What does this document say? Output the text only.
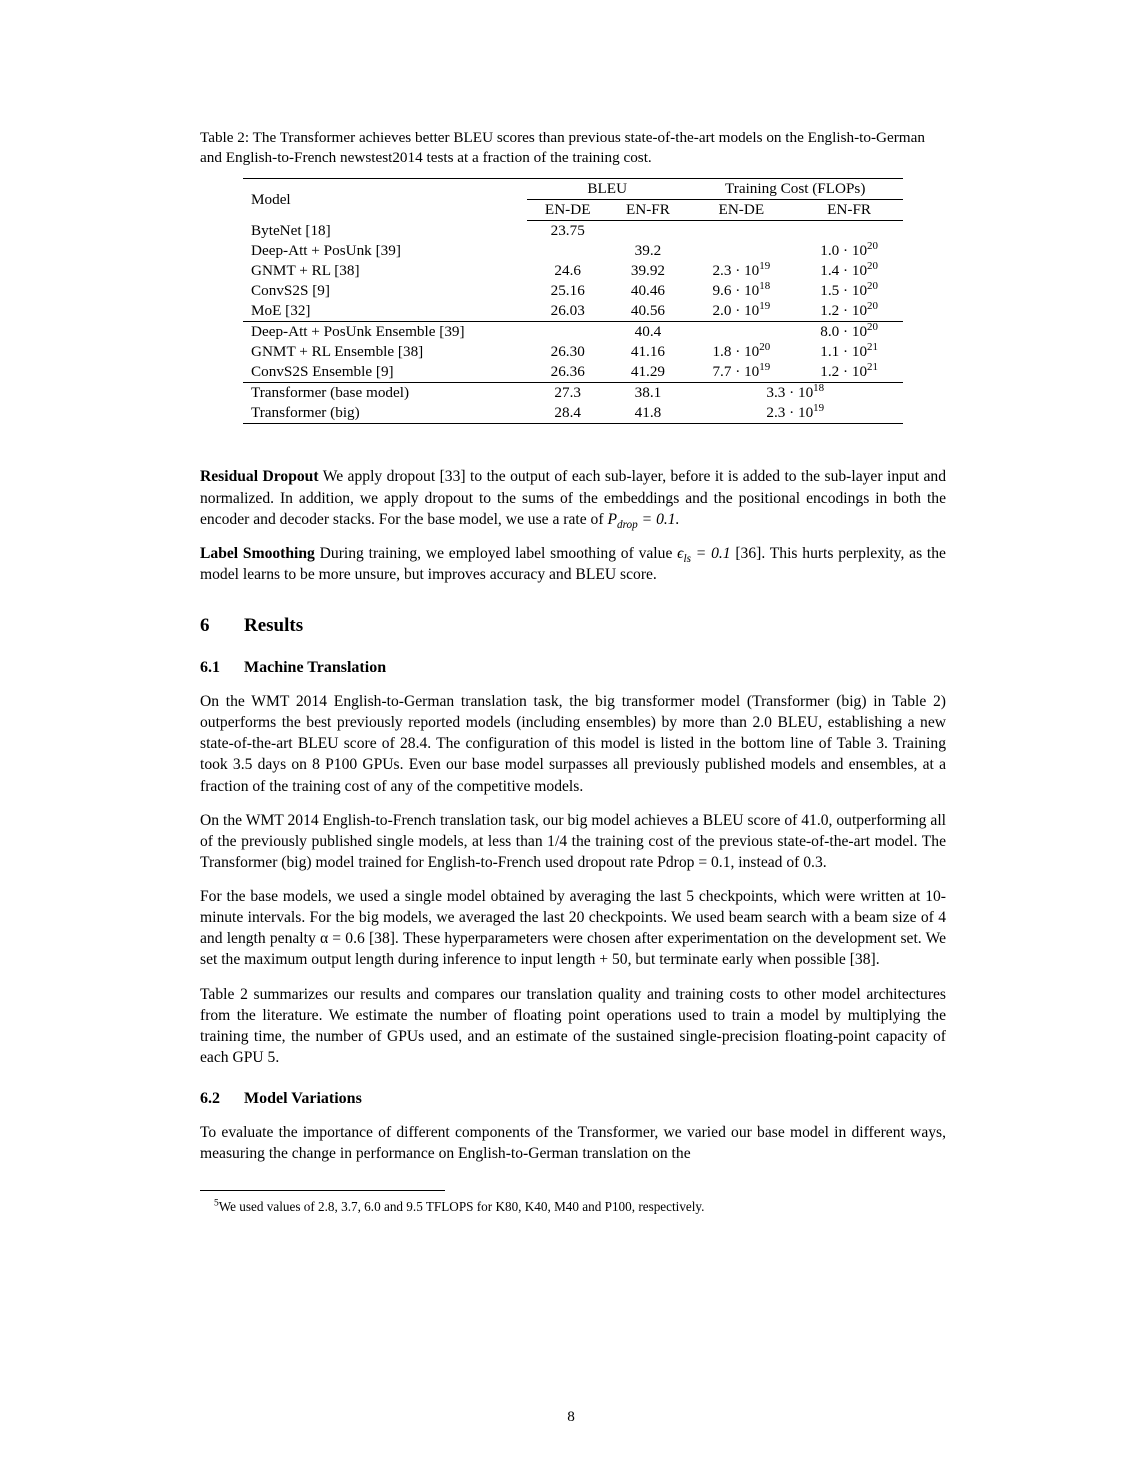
Table 2: The Transformer achieves better BLEU scores than previous state-of-the-art models on the English-to-German and English-to-French newstest2014 tests at a fraction of the training cost.

Model	BLEU		Training Cost (FLOPs)	
	EN-DE	EN-FR	EN-DE	EN-FR
ByteNet [18]	23.75			
Deep-Att + PosUnk [39]		39.2		$1.0 \cdot 10^{20}$
GNMT + RL [38]	24.6	39.92	$2.3 \cdot 10^{19}$	$1.4 \cdot 10^{20}$
ConvS2S [9]	25.16	40.46	$9.6 \cdot 10^{18}$	$1.5 \cdot 10^{20}$
MoE [32]	26.03	40.56	$2.0 \cdot 10^{19}$	$1.2 \cdot 10^{20}$
Deep-Att + PosUnk Ensemble [39]		40.4		$8.0 \cdot 10^{20}$
GNMT + RL Ensemble [38]	26.30	41.16	$1.8 \cdot 10^{20}$	$1.1 \cdot 10^{21}$
ConvS2S Ensemble [9]	26.36	41.29	$7.7 \cdot 10^{19}$	$1.2 \cdot 10^{21}$
Transformer (base model)	27.3	38.1	$3.3 \cdot 10^{18}$
Transformer (big)	28.4	41.8	$2.3 \cdot 10^{19}$

Residual Dropout We apply dropout [33] to the output of each sub-layer, before it is added to the sub-layer input and normalized. In addition, we apply dropout to the sums of the embeddings and the positional encodings in both the encoder and decoder stacks. For the base model, we use a rate of $P_{drop} = 0.1$.

Label Smoothing During training, we employed label smoothing of value $\epsilon_{ls} = 0.1$ [36]. This hurts perplexity, as the model learns to be more unsure, but improves accuracy and BLEU score.

6 Results
6.1 Machine Translation

On the WMT 2014 English-to-German translation task, the big transformer model (Transformer (big) in Table 2) outperforms the best previously reported models (including ensembles) by more than 2.0 BLEU, establishing a new state-of-the-art BLEU score of 28.4. The configuration of this model is listed in the bottom line of Table 3. Training took 3.5 days on 8 P100 GPUs. Even our base model surpasses all previously published models and ensembles, at a fraction of the training cost of any of the competitive models.

On the WMT 2014 English-to-French translation task, our big model achieves a BLEU score of 41.0, outperforming all of the previously published single models, at less than 1/4 the training cost of the previous state-of-the-art model. The Transformer (big) model trained for English-to-French used dropout rate Pdrop = 0.1, instead of 0.3.

For the base models, we used a single model obtained by averaging the last 5 checkpoints, which were written at 10-minute intervals. For the big models, we averaged the last 20 checkpoints. We used beam search with a beam size of 4 and length penalty α = 0.6 [38]. These hyperparameters were chosen after experimentation on the development set. We set the maximum output length during inference to input length + 50, but terminate early when possible [38].

Table 2 summarizes our results and compares our translation quality and training costs to other model architectures from the literature. We estimate the number of floating point operations used to train a model by multiplying the training time, the number of GPUs used, and an estimate of the sustained single-precision floating-point capacity of each GPU 5.

6.2 Model Variations

To evaluate the importance of different components of the Transformer, we varied our base model in different ways, measuring the change in performance on English-to-German translation on the

$^5$We used values of 2.8, 3.7, 6.0 and 9.5 TFLOPS for K80, K40, M40 and P100, respectively.

8
